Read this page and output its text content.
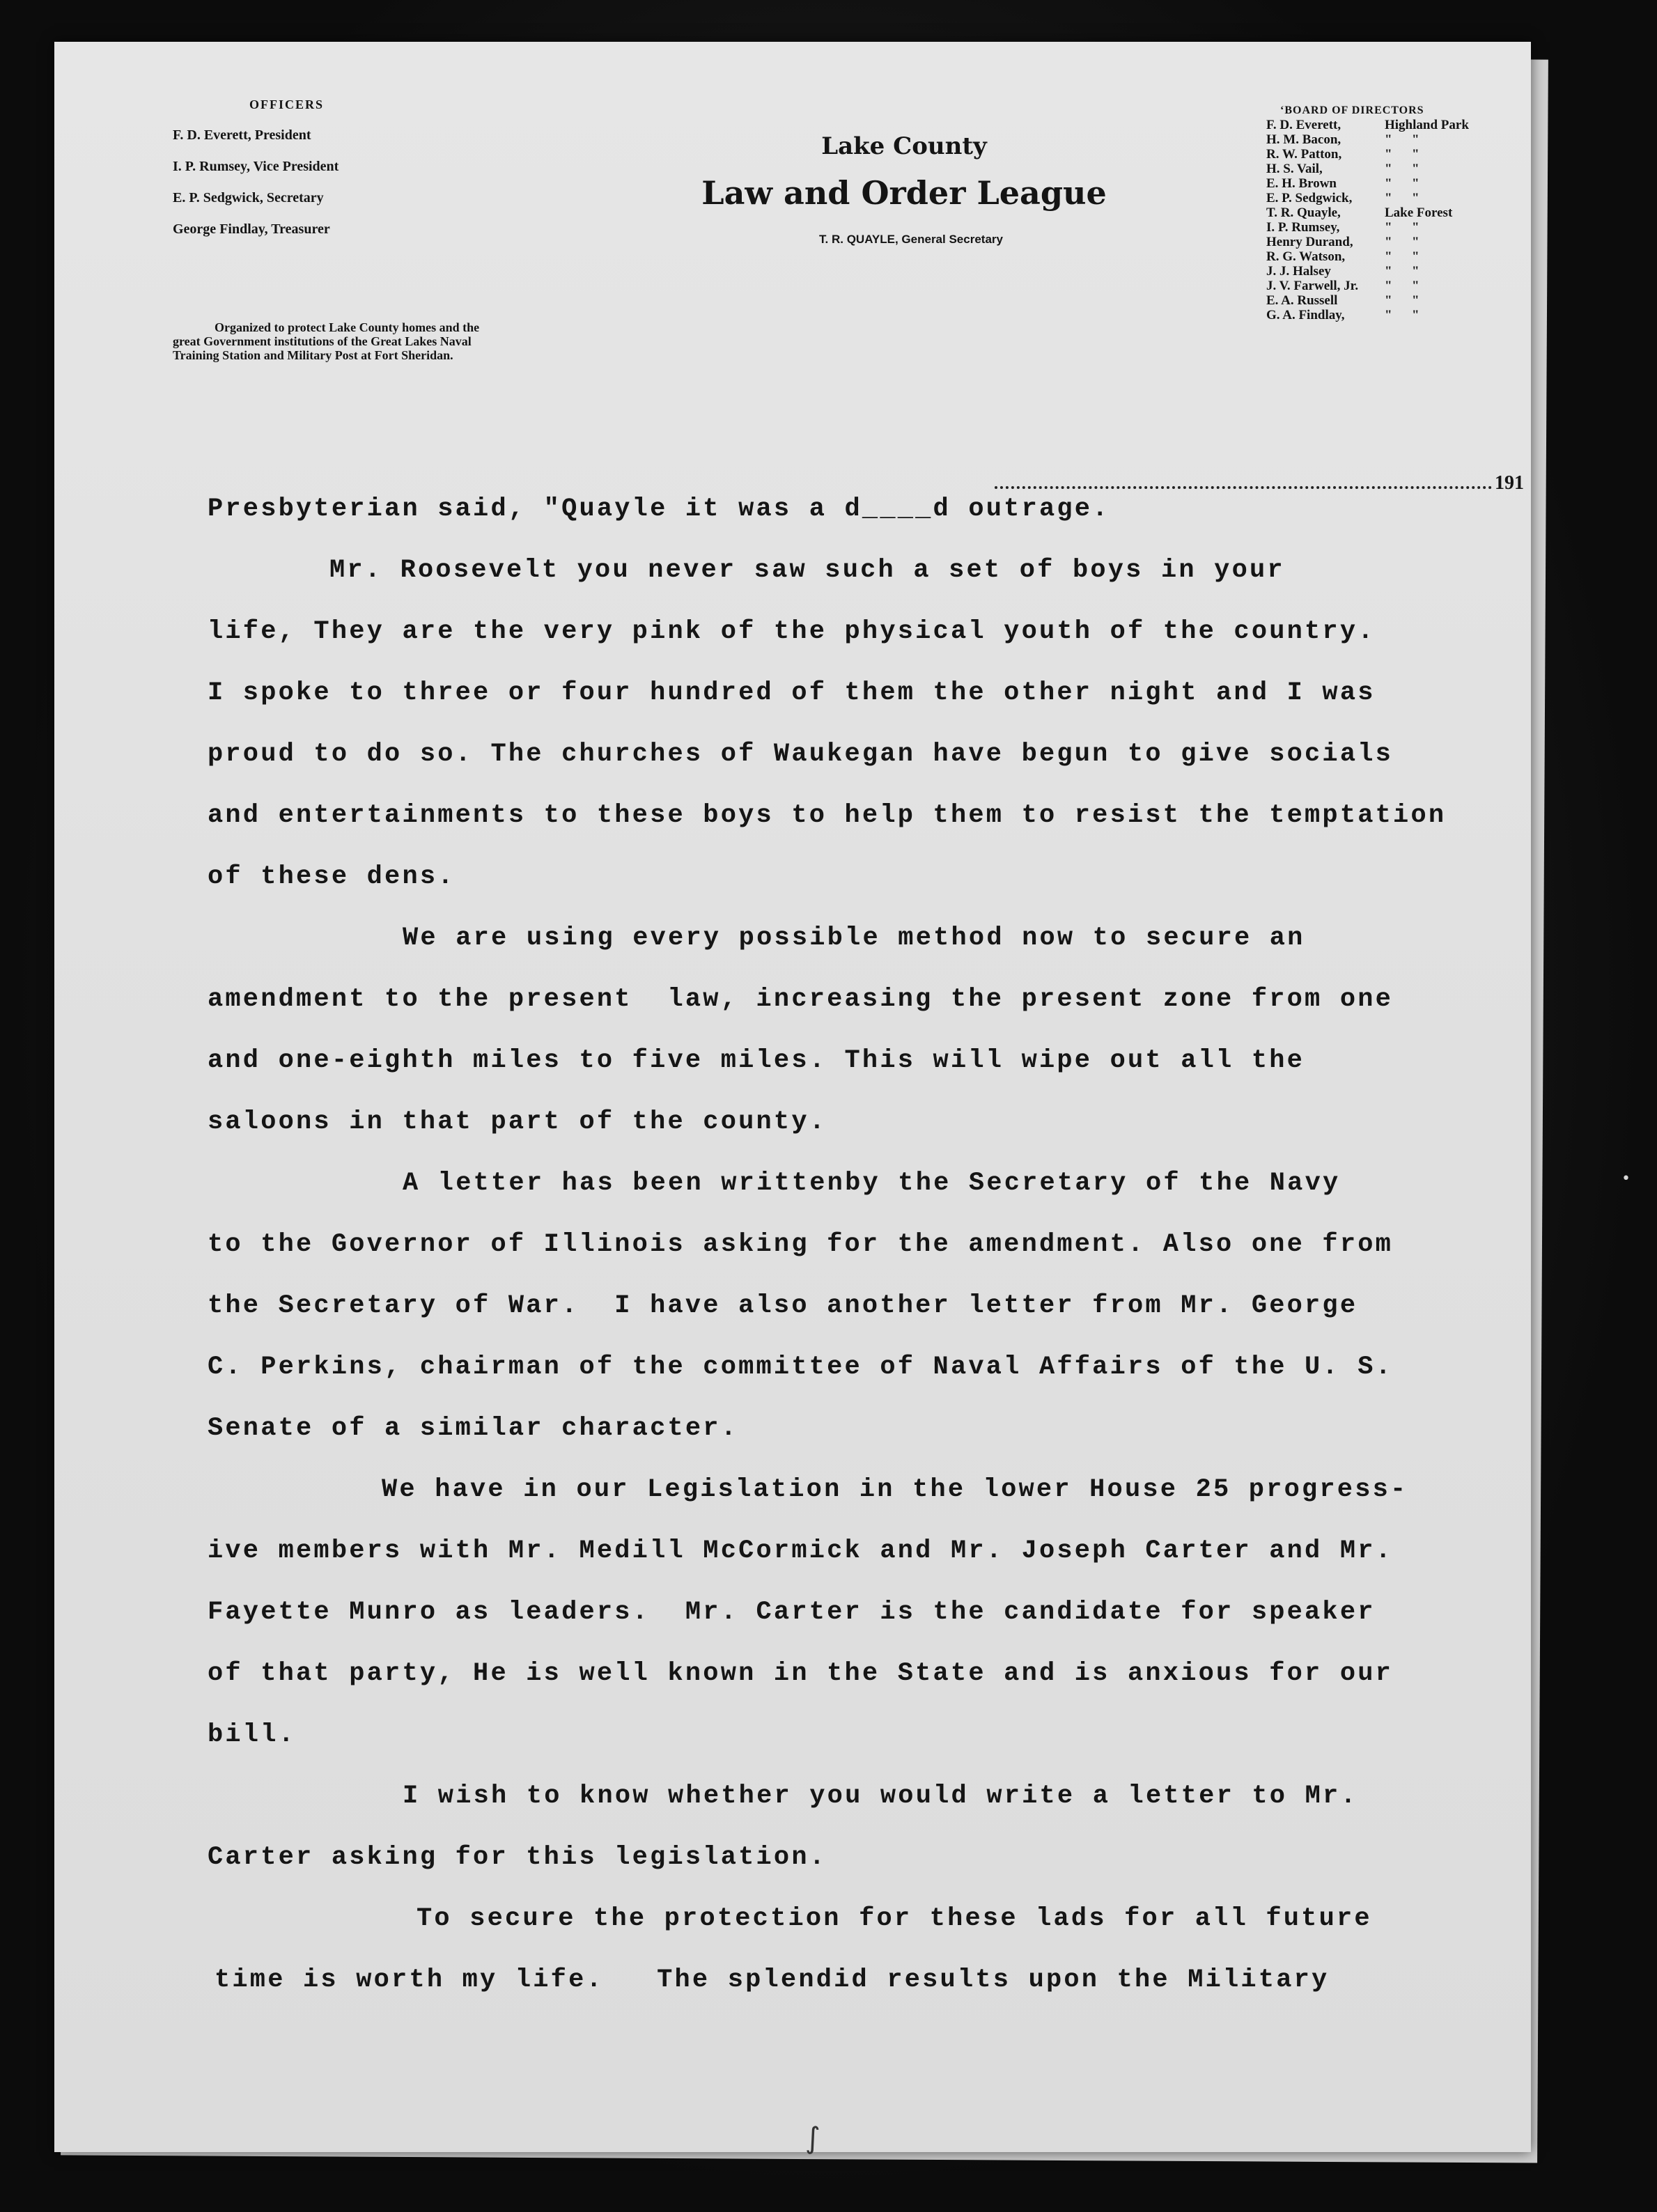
OFFICERS
F. D. Everett, President
I. P. Rumsey, Vice President
E. P. Sedgwick, Secretary
George Findlay, Treasurer
Lake County
Law and Order League
T. R. QUAYLE, General Secretary
Organized to protect Lake County homes and the
great Government institutions of the Great Lakes Naval
Training Station and Military Post at Fort Sheridan.
‘BOARD OF DIRECTORS
F. D. Everett,	Highland Park
H. M. Bacon,	"      "
R. W. Patton,	"      "
H. S. Vail,	"      "
E. H. Brown	"      "
E. P. Sedgwick,	"      "
T. R. Quayle,	Lake Forest
I. P. Rumsey,	"      "
Henry Durand,	"      "
R. G. Watson,	"      "
J. J. Halsey	"      "
J. V. Farwell, Jr.	"      "
E. A. Russell	"      "
G. A. Findlay,	"      "
191
Presbyterian said, "Quayle it was a d____d outrage.
Mr. Roosevelt you never saw such a set of boys in your
life, They are the very pink of the physical youth of the country.
I spoke to three or four hundred of them the other night and I was
proud to do so. The churches of Waukegan have begun to give socials
and entertainments to these boys to help them to resist the temptation
of these dens.
We are using every possible method now to secure an
amendment to the present  law, increasing the present zone from one
and one-eighth miles to five miles. This will wipe out all the
saloons in that part of the county.
A letter has been writtenby the Secretary of the Navy
to the Governor of Illinois asking for the amendment. Also one from
the Secretary of War.  I have also another letter from Mr. George
C. Perkins, chairman of the committee of Naval Affairs of the U. S.
Senate of a similar character.
We have in our Legislation in the lower House 25 progress-
ive members with Mr. Medill McCormick and Mr. Joseph Carter and Mr.
Fayette Munro as leaders.  Mr. Carter is the candidate for speaker
of that party, He is well known in the State and is anxious for our
bill.
I wish to know whether you would write a letter to Mr.
Carter asking for this legislation.
To secure the protection for these lads for all future
time is worth my life.   The splendid results upon the Military
∫
•
